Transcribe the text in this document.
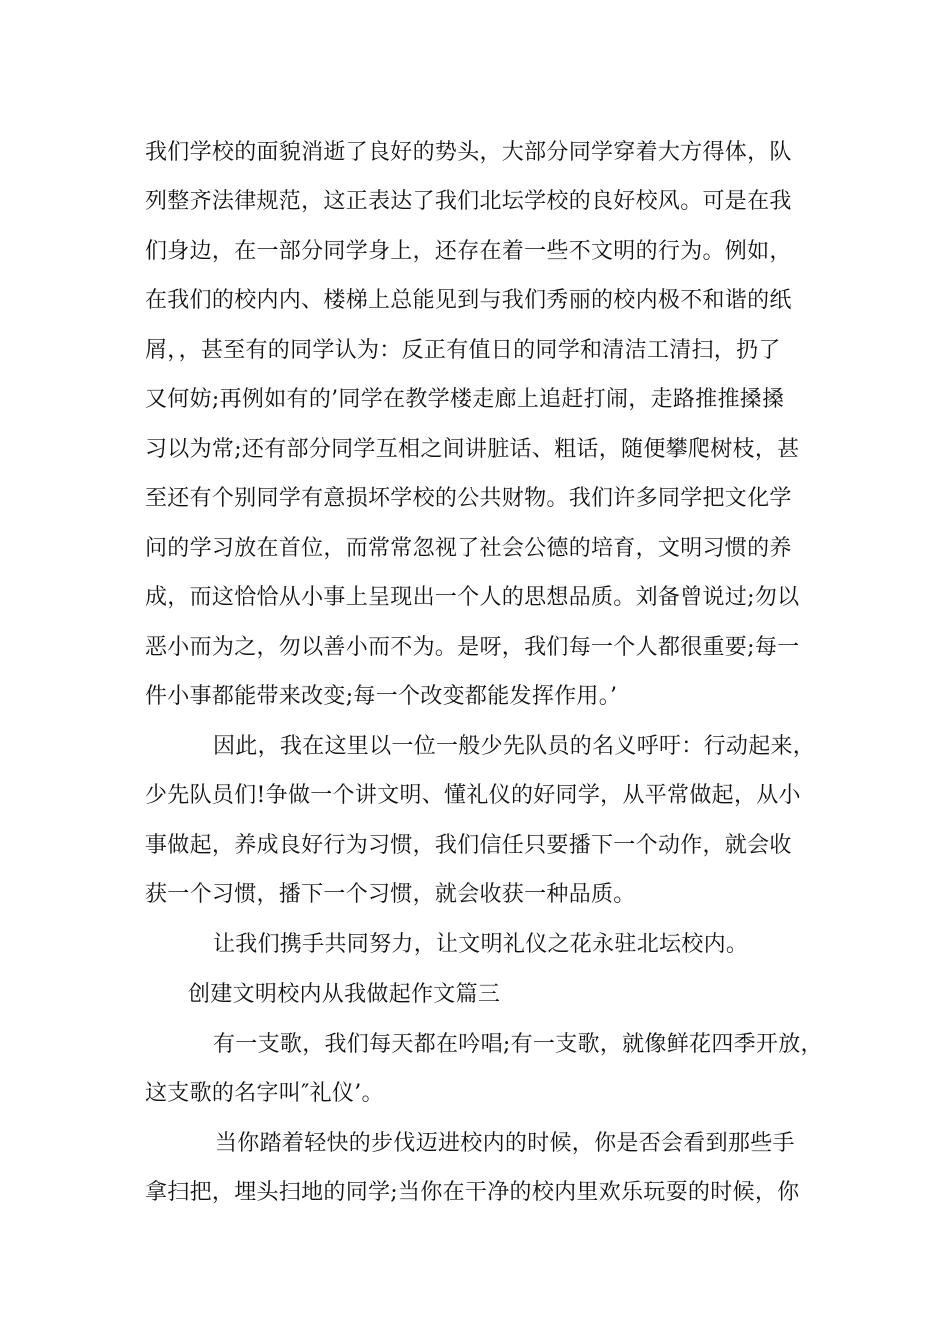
我们学校的面貌消逝了良好的势头，大部分同学穿着大方得体，队
列整齐法律规范，这正表达了我们北坛学校的良好校风。可是在我
们身边，在一部分同学身上，还存在着一些不文明的行为。例如，
在我们的校内内、楼梯上总能见到与我们秀丽的校内极不和谐的纸
屑，，甚至有的同学认为：反正有值日的同学和清洁工清扫，扔了
又何妨;再例如有的’同学在教学楼走廊上追赶打闹，走路推推搡搡
习以为常;还有部分同学互相之间讲脏话、粗话，随便攀爬树枝，甚
至还有个别同学有意损坏学校的公共财物。我们许多同学把文化学
问的学习放在首位，而常常忽视了社会公德的培育，文明习惯的养
成，而这恰恰从小事上呈现出一个人的思想品质。刘备曾说过;勿以
恶小而为之，勿以善小而不为。是呀，我们每一个人都很重要;每一
件小事都能带来改变;每一个改变都能发挥作用。’
因此，我在这里以一位一般少先队员的名义呼吁：行动起来，
少先队员们!争做一个讲文明、懂礼仪的好同学，从平常做起，从小
事做起，养成良好行为习惯，我们信任只要播下一个动作，就会收
获一个习惯，播下一个习惯，就会收获一种品质。
让我们携手共同努力，让文明礼仪之花永驻北坛校内。
创建文明校内从我做起作文篇三
有一支歌，我们每天都在吟唱;有一支歌，就像鲜花四季开放，
这支歌的名字叫″礼仪’。
当你踏着轻快的步伐迈进校内的时候，你是否会看到那些手
拿扫把，埋头扫地的同学;当你在干净的校内里欢乐玩耍的时候，你
